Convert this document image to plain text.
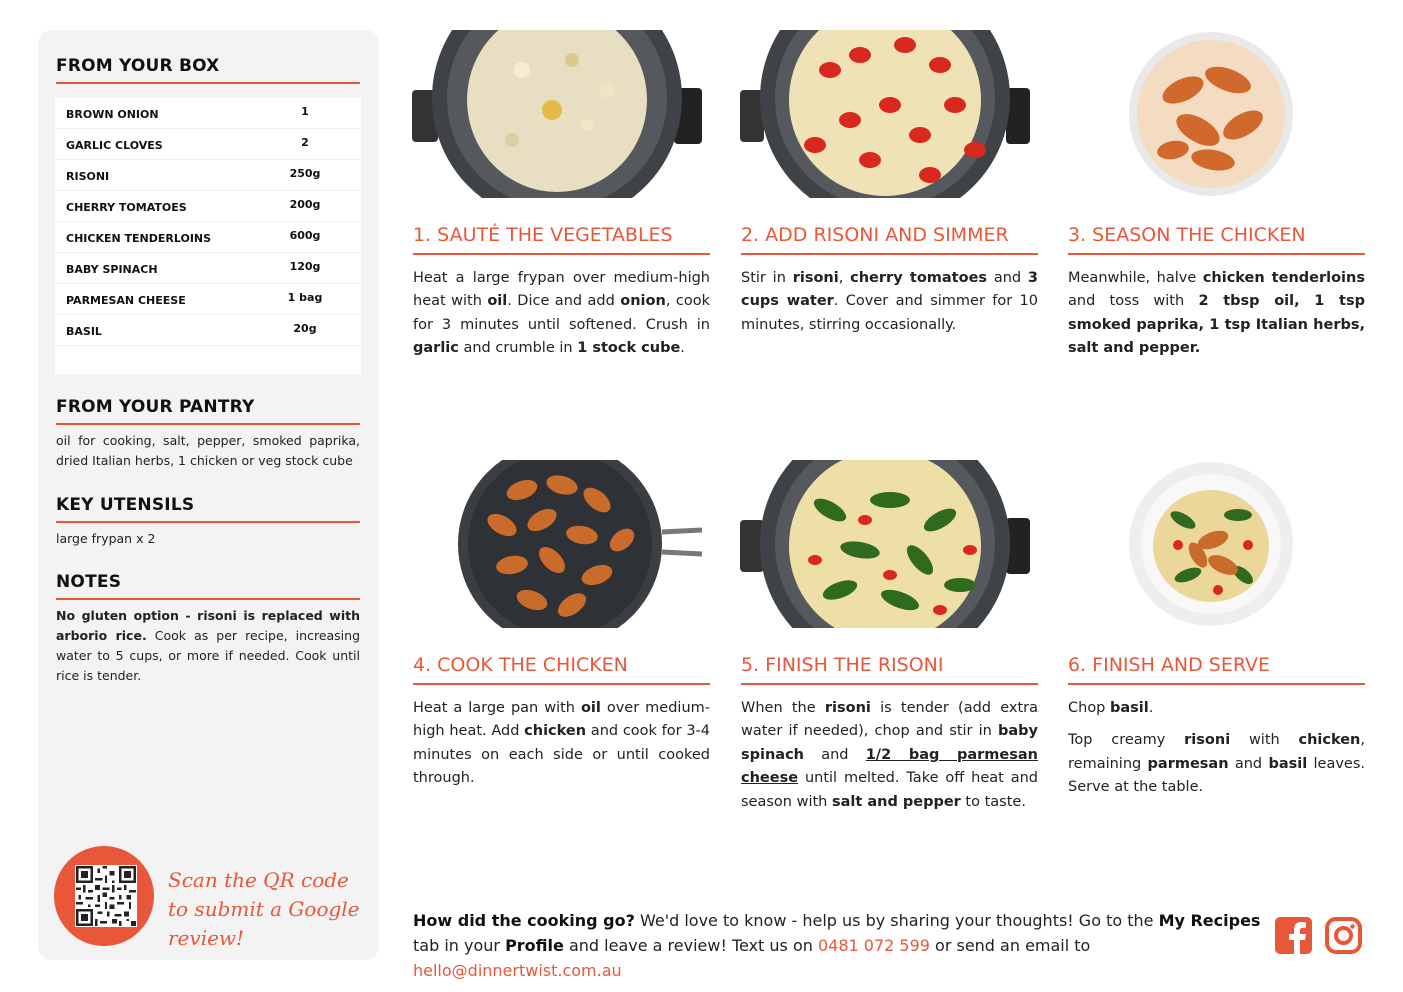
FROM YOUR BOX
BROWN ONION	1
GARLIC CLOVES	2
RISONI	250g
CHERRY TOMATOES	200g
CHICKEN TENDERLOINS	600g
BABY SPINACH	120g
PARMESAN CHEESE	1 bag
BASIL	20g
FROM YOUR PANTRY
oil for cooking, salt, pepper, smoked paprika, dried Italian herbs, 1 chicken or veg stock cube
KEY UTENSILS
large frypan x 2
NOTES
No gluten option - risoni is replaced with arborio rice. Cook as per recipe, increasing water to 5 cups, or more if needed. Cook until rice is tender.
Scan the QR code to submit a Google review!
1. SAUTÉ THE VEGETABLES	2. ADD RISONI AND SIMMER	3. SEASON THE CHICKEN
4. COOK THE CHICKEN	5. FINISH THE RISONI	6. FINISH AND SERVE
Heat a large frypan over medium-high heat with oil. Dice and add onion, cook for 3 minutes until softened. Crush in garlic and crumble in 1 stock cube.
Stir in risoni, cherry tomatoes and 3 cups water. Cover and simmer for 10 minutes, stirring occasionally.
Meanwhile, halve chicken tenderloins and toss with 2 tbsp oil, 1 tsp smoked paprika, 1 tsp Italian herbs, salt and pepper.
Heat a large pan with oil over medium-high heat. Add chicken and cook for 3-4 minutes on each side or until cooked through.
When the risoni is tender (add extra water if needed), chop and stir in baby spinach and 1/2 bag parmesan cheese until melted. Take off heat and season with salt and pepper to taste.

Chop basil.

Top creamy risoni with chicken, remaining parmesan and basil leaves. Serve at the table.

How did the cooking go? We'd love to know - help us by sharing your thoughts! Go to the My Recipes tab in your Profile and leave a review! Text us on 0481 072 599 or send an email to hello@dinnertwist.com.au
